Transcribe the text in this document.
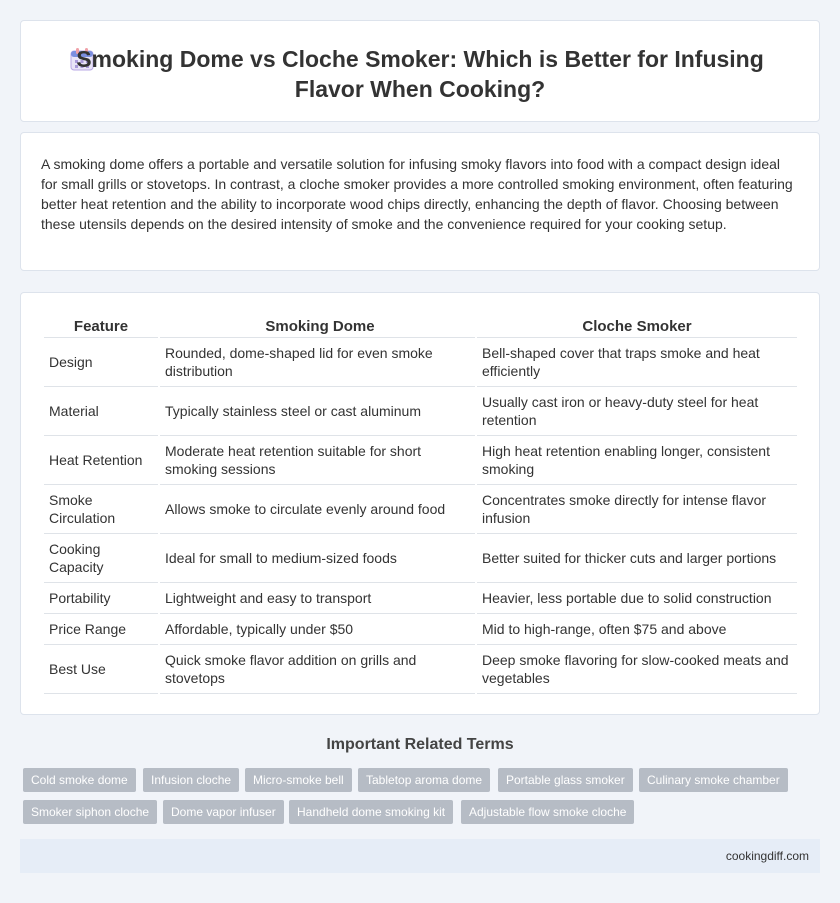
Smoking Dome vs Cloche Smoker: Which is Better for Infusing
Flavor When Cooking?

A smoking dome offers a portable and versatile solution for infusing smoky flavors into food with a compact design ideal for small grills or stovetops. In contrast, a cloche smoker provides a more controlled smoking environment, often featuring better heat retention and the ability to incorporate wood chips directly, enhancing the depth of flavor. Choosing between these utensils depends on the desired intensity of smoke and the convenience required for your cooking setup.

Feature	Smoking Dome	Cloche Smoker
Design	Rounded, dome-shaped lid for even smoke distribution	Bell-shaped cover that traps smoke and heat efficiently
Material	Typically stainless steel or cast aluminum	Usually cast iron or heavy-duty steel for heat retention
Heat Retention	Moderate heat retention suitable for short smoking sessions	High heat retention enabling longer, consistent smoking
Smoke Circulation	Allows smoke to circulate evenly around food	Concentrates smoke directly for intense flavor infusion
Cooking Capacity	Ideal for small to medium-sized foods	Better suited for thicker cuts and larger portions
Portability	Lightweight and easy to transport	Heavier, less portable due to solid construction
Price Range	Affordable, typically under $50	Mid to high-range, often $75 and above
Best Use	Quick smoke flavor addition on grills and stovetops	Deep smoke flavoring for slow-cooked meats and vegetables
Important Related Terms
Cold smoke dome	Infusion cloche	Micro-smoke bell	Tabletop aroma dome	Portable glass smoker	Culinary smoke chamber
Smoker siphon cloche	Dome vapor infuser	Handheld dome smoking kit	Adjustable flow smoke cloche
cookingdiff.com
